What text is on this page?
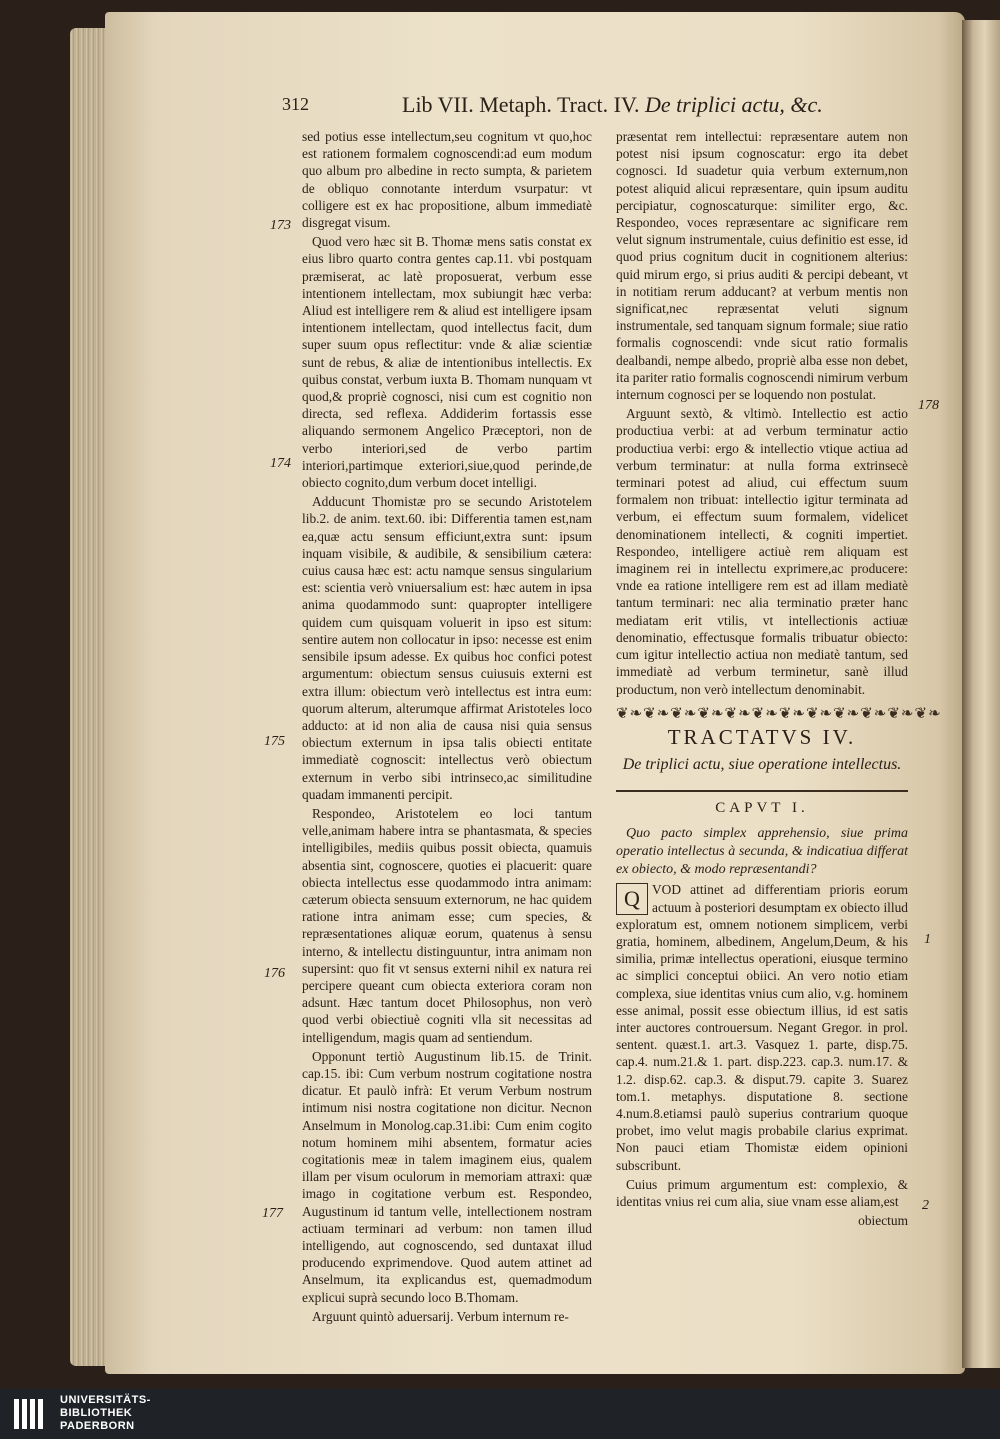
312	Lib VII. Metaph. Tract. IV. De triplici actu, &c.
173
174
175
176
177

sed potius esse intellectum,seu cognitum vt quo,hoc est rationem formalem cognoscendi:ad eum modum quo album pro albedine in recto sumpta, & parietem de obliquo connotante interdum vsurpatur: vt colligere est ex hac propositione, album immediatè disgregat visum.

Quod vero hæc sit B. Thomæ mens satis constat ex eius libro quarto contra gentes cap.11. vbi postquam præmiserat, ac latè proposuerat, verbum esse intentionem intellectam, mox subiungit hæc verba: Aliud est intelligere rem & aliud est intelligere ipsam intentionem intellectam, quod intellectus facit, dum super suum opus reflectitur: vnde & aliæ scientiæ sunt de rebus, & aliæ de intentionibus intellectis. Ex quibus constat, verbum iuxta B. Thomam nunquam vt quod,& propriè cognosci, nisi cum est cognitio non directa, sed reflexa. Addiderim fortassis esse aliquando sermonem Angelico Præceptori, non de verbo interiori,sed de verbo partim interiori,partimque exteriori,siue,quod perinde,de obiecto cognito,dum verbum docet intelligi.

Adducunt Thomistæ pro se secundo Aristotelem lib.2. de anim. text.60. ibi: Differentia tamen est,nam ea,quæ actu sensum efficiunt,extra sunt: ipsum inquam visibile, & audibile, & sensibilium cætera: cuius causa hæc est: actu namque sensus singularium est: scientia verò vniuersalium est: hæc autem in ipsa anima quodammodo sunt: quapropter intelligere quidem cum quisquam voluerit in ipso est situm: sentire autem non collocatur in ipso: necesse est enim sensibile ipsum adesse. Ex quibus hoc confici potest argumentum: obiectum sensus cuiusuis externi est extra illum: obiectum verò intellectus est intra eum: quorum alterum, alterumque affirmat Aristoteles loco adducto: at id non alia de causa nisi quia sensus obiectum externum in ipsa talis obiecti entitate immediatè cognoscit: intellectus verò obiectum externum in verbo sibi intrinseco,ac similitudine quadam immanenti percipit.

Respondeo, Aristotelem eo loci tantum velle,animam habere intra se phantasmata, & species intelligibiles, mediis quibus possit obiecta, quamuis absentia sint, cognoscere, quoties ei placuerit: quare obiecta intellectus esse quodammodo intra animam: cæterum obiecta sensuum externorum, ne hac quidem ratione intra animam esse; cum species, & repræsentationes aliquæ eorum, quatenus à sensu interno, & intellectu distinguuntur, intra animam non supersint: quo fit vt sensus externi nihil ex natura rei percipere queant cum obiecta exteriora coram non adsunt. Hæc tantum docet Philosophus, non verò quod verbi obiectiuè cogniti vlla sit necessitas ad intelligendum, magis quam ad sentiendum.

Opponunt tertiò Augustinum lib.15. de Trinit. cap.15. ibi: Cum verbum nostrum cogitatione nostra dicatur. Et paulò infrà: Et verum Verbum nostrum intimum nisi nostra cogitatione non dicitur. Necnon Anselmum in Monolog.cap.31.ibi: Cum enim cogito notum hominem mihi absentem, formatur acies cogitationis meæ in talem imaginem eius, qualem illam per visum oculorum in memoriam attraxi: quæ imago in cogitatione verbum est. Respondeo, Augustinum id tantum velle, intellectionem nostram actiuam terminari ad verbum: non tamen illud intelligendo, aut cognoscendo, sed duntaxat illud producendo exprimendove. Quod autem attinet ad Anselmum, ita explicandus est, quemadmodum explicui suprà secundo loco B.Thomam.

Arguunt quintò aduersarij. Verbum internum re-

178
1
2

præsentat rem intellectui: repræsentare autem non potest nisi ipsum cognoscatur: ergo ita debet cognosci. Id suadetur quia verbum externum,non potest aliquid alicui repræsentare, quin ipsum auditu percipiatur, cognoscaturque: similiter ergo, &c. Respondeo, voces repræsentare ac significare rem velut signum instrumentale, cuius definitio est esse, id quod prius cognitum ducit in cognitionem alterius: quid mirum ergo, si prius auditi & percipi debeant, vt in notitiam rerum adducant? at verbum mentis non significat,nec repræsentat veluti signum instrumentale, sed tanquam signum formale; siue ratio formalis cognoscendi: vnde sicut ratio formalis dealbandi, nempe albedo, propriè alba esse non debet, ita pariter ratio formalis cognoscendi nimirum verbum internum cognosci per se loquendo non postulat.

Arguunt sextò, & vltimò. Intellectio est actio productiua verbi: at ad verbum terminatur actio productiua verbi: ergo & intellectio vtique actiua ad verbum terminatur: at nulla forma extrinsecè terminari potest ad aliud, cui effectum suum formalem non tribuat: intellectio igitur terminata ad verbum, ei effectum suum formalem, videlicet denominationem intellecti, & cogniti impertiet. Respondeo, intelligere actiuè rem aliquam est imaginem rei in intellectu exprimere,ac producere: vnde ea ratione intelligere rem est ad illam mediatè tantum terminari: nec alia terminatio præter hanc mediatam erit vtilis, vt intellectionis actiuæ denominatio, effectusque formalis tribuatur obiecto: cum igitur intellectio actiua non mediatè tantum, sed immediatè ad verbum terminetur, sanè illud productum, non verò intellectum denominabit.

❦❧❦❧❦❧❦❧❦❧❦❧❦❧❦❧❦❧❦❧❦❧❦❧
TRACTATVS IV.
De triplici actu, siue operatione intellectus.
CAPVT I.

Quo pacto simplex apprehensio, siue prima operatio intellectus à secunda, & indicatiua differat ex obiecto, & modo repræsentandi?

Q VOD attinet ad differentiam prioris eorum actuum à posteriori desumptam ex obiecto illud exploratum est, omnem notionem simplicem, verbi gratia, hominem, albedinem, Angelum,Deum, & his similia, primæ intellectus operationi, eiusque termino ac simplici conceptui obiici. An vero notio etiam complexa, siue identitas vnius cum alio, v.g. hominem esse animal, possit esse obiectum illius, id est satis inter auctores controuersum. Negant Gregor. in prol. sentent. quæst.1. art.3. Vasquez 1. parte, disp.75. cap.4. num.21.& 1. part. disp.223. cap.3. num.17. & 1.2. disp.62. cap.3. & disput.79. capite 3. Suarez tom.1. metaphys. disputatione 8. sectione 4.num.8.etiamsi paulò superius contrarium quoque probet, imo velut magis probabile clarius exprimat. Non pauci etiam Thomistæ eidem opinioni subscribunt.

Cuius primum argumentum est: complexio, & identitas vnius rei cum alia, siue vnam esse aliam,est

obiectum
UNIVERSITÄTS-
BIBLIOTHEK
PADERBORN
